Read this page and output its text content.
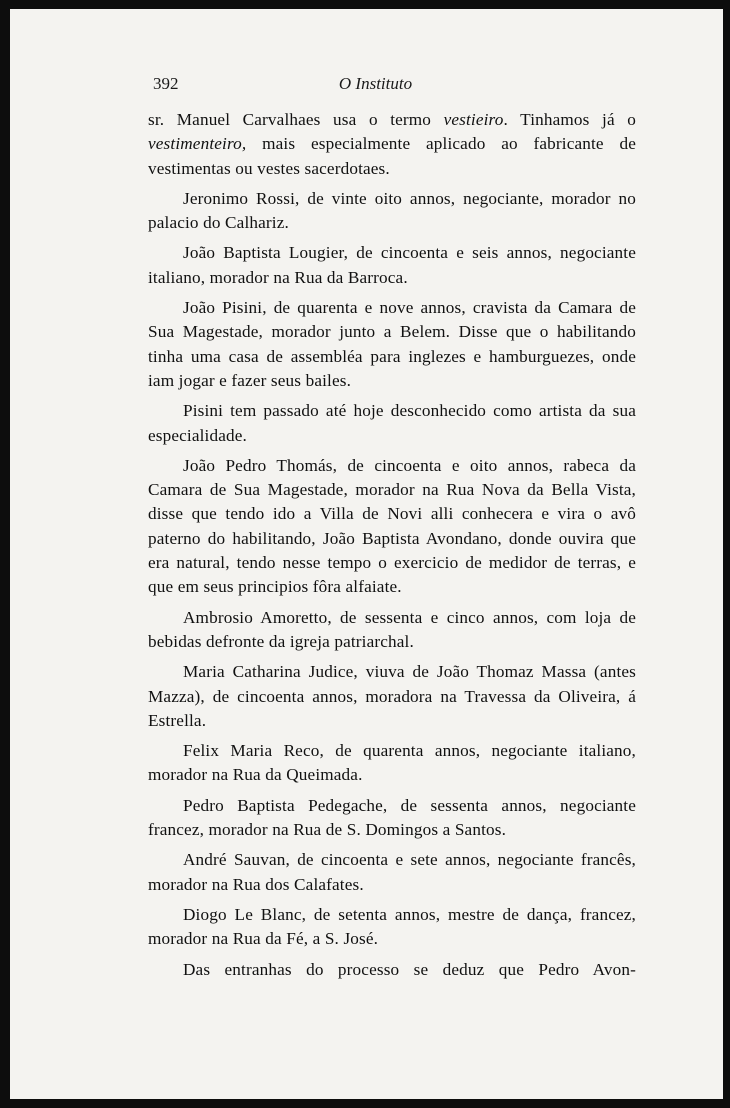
392	O Instituto

sr. Manuel Carvalhaes usa o termo vestieiro. Tinhamos já o vestimenteiro, mais especialmente aplicado ao fabricante de vestimentas ou vestes sacerdotaes.

Jeronimo Rossi, de vinte oito annos, negociante, morador no palacio do Calhariz.

João Baptista Lougier, de cincoenta e seis annos, negociante italiano, morador na Rua da Barroca.

João Pisini, de quarenta e nove annos, cravista da Camara de Sua Magestade, morador junto a Belem. Disse que o habilitando tinha uma casa de assembléa para inglezes e hamburguezes, onde iam jogar e fazer seus bailes.

Pisini tem passado até hoje desconhecido como artista da sua especialidade.

João Pedro Thomás, de cincoenta e oito annos, rabeca da Camara de Sua Magestade, morador na Rua Nova da Bella Vista, disse que tendo ido a Villa de Novi alli conhecera e vira o avô paterno do habilitando, João Baptista Avondano, donde ouvira que era natural, tendo nesse tempo o exercicio de medidor de terras, e que em seus principios fôra alfaiate.

Ambrosio Amoretto, de sessenta e cinco annos, com loja de bebidas defronte da igreja patriarchal.

Maria Catharina Judice, viuva de João Thomaz Massa (antes Mazza), de cincoenta annos, moradora na Travessa da Oliveira, á Estrella.

Felix Maria Reco, de quarenta annos, negociante italiano, morador na Rua da Queimada.

Pedro Baptista Pedegache, de sessenta annos, negociante francez, morador na Rua de S. Domingos a Santos.

André Sauvan, de cincoenta e sete annos, negociante francês, morador na Rua dos Calafates.

Diogo Le Blanc, de setenta annos, mestre de dança, francez, morador na Rua da Fé, a S. José.

Das entranhas do processo se deduz que Pedro Avon-
